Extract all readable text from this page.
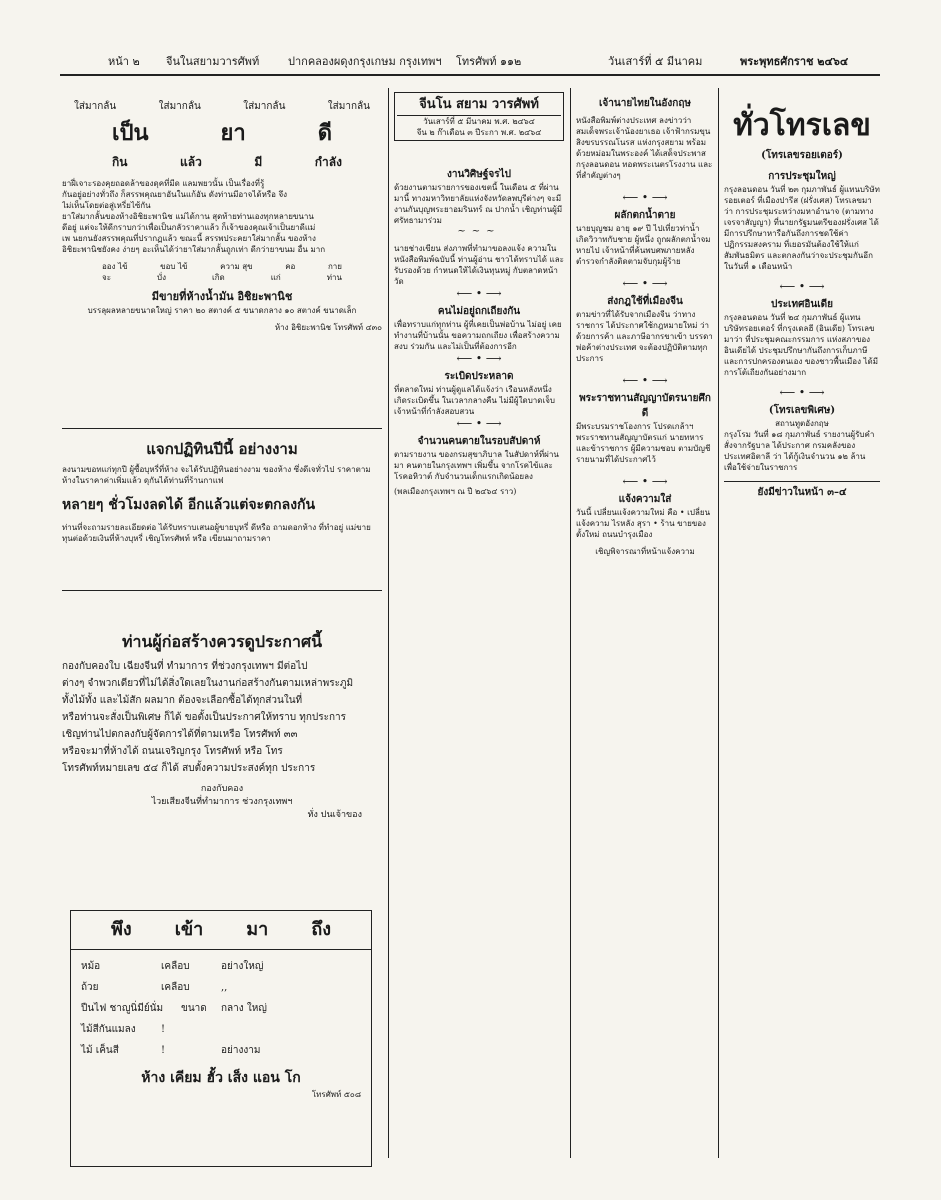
หน้า ๒ จีนในสยามวารศัพท์	ปากคลองผดุงกรุงเกษม กรุงเทพฯ โทรศัพท์ ๑๑๒	วันเสาร์ที่ ๕ มีนาคม	พระพุทธศักราช ๒๔๖๔
ใส่มากลั้น	ใส่มากลั้น	ใส่มากลั้น	ใส่มากลั้น
เป็น	ยา	ดี
กิน	แล้ว	มี	กำลัง
ยาฝี่เจาะรองคุยถอดล้าของดุคที่มีด แลมพยวนั้น เป็นเรื่องที่รู้
กันอยู่อย่างทั่วถึง ก็สรรพคุณยาอันในแก้อัน ดังท่านมีอาจได้หรือ จึง
ไม่เห็นโดยต่อสู่เหรี่ยไซ้กัน
ยาใส่มากลั้นของห้างอิชิยะพานิช แม่ได้กาน สุดท้ายท่านเองทุกหลายขนาน
ดีอยู่ แต่จะให้ดีกราบกว่าเพื่อเป็นกลัวราคาแล้ว ก็เจ้าของคุณเจ้าเป็นยาดีแม่
เพ นยกนยังสรรพคุณที่ปรากฏแล้ว ขณะนี้ สรรพประคยาใส่มากลั้น ของห้าง
อิชิยะพานิชยังคง ง่ายๆ อะเห็นได้ว่ายาใส่มากลั้นถูกเท่า ดีกว่ายาขนม อื่น มาก
ออง ไข้	ขอบ ไข้	ความ สุข	คอ	กาย
จะ	บั่ง	เกิด	แก่	ท่าน
มีขายที่ห้างน้ำมัน อิชิยะพานิช
บรรลุผลหลายขนาดใหญ่ ราคา ๒๐ สตางค์ ๕ ขนาดกลาง ๑๐ สตางค์ ขนาดเล็ก
ห้าง อิชิยะพานิช โทรศัพท์ ๔๓๐
แจกปฏิทินปีนี้ อย่างงาม
ลงนามขอทแก่ทุกปี ผู้ซื้อบุหรี่ที่ห้าง จะได้รับปฏิทินอย่างงาม ของห้าง ซึ่งดีเจทั่วไป ราคาตามห้างในราคาค่าเพิ่มแล้ว ดุกันได้ท่านที่ร้านกาแฟ
หลายๆ ชั่วโมงลดได้ อีกแล้วแต่จะตกลงกัน
ท่านที่จะถามรายละเอียดต่อ ได้รับทราบเสนอผู้ขายบุหรี่ ดีหรือ ถามดอกห้าง ที่ทำอยู่ แม่ขาย ทุนต่อด้วยเงินที่ห้างบุหรี่ เชิญโทรศัพท์ หรือ เขียนมาถามราคา
ท่านผู้ก่อสร้างควรดูประกาศนี้
กองกับคองใบ เฉียงจีนที่ ทำมาการ ที่ช่วงกรุงเทพฯ มีต่อไป
ต่างๆ จำพวกเดียวที่ไม่ได้สิ่งใดเลยในงานก่อสร้างกันตามเหล่าพระภูมิ
ทั้งไม้ทั้ง และไม้สัก ผลมาก ต้องจะเลือกซื้อได้ทุกส่วนในที่
หรือท่านจะสั่งเป็นพิเศษ ก็ได้ ขอตั้งเป็นประกาศให้ทราบ ทุกประการ
เชิญท่านไปตกลงกับผู้จัดการได้ที่ตามเหรือ โทรศัพท์ ๓๓
หรือจะมาที่ห้างได้ ถนนเจริญกรุง โทรศัพท์ หรือ โทร
โทรศัพท์หมายเลข ๕๔ ก็ได้ สบตั้งความประสงค์ทุก ประการ
กองกับคอง
ไวยเสียงจีนที่ทำมาการ ช่วงกรุงเทพฯ
ทั่ง ปนเจ้าของ
พึง เข้า มา ถึง
หม้อ	เคลือบ	อย่างใหญ่
ถ้วย	เคลือบ	,,
ปืนไฟ ชาญูนิ่มีย์นั่ม	ขนาด	กลาง ใหญ่
ไม้สีกันแมลง	!
ไม้ เค็นสี	!	อย่างงาม
ห้าง เคียม ฮั้ว เส็ง แอน โก
โทรศัพท์ ๕๐๘
จีนโน สยาม วารศัพท์
วันเสาร์ที่ ๕ มีนาคม พ.ศ. ๒๔๖๔
จีน ๒ ก๊าเดือน ๓ ปีระกา พ.ศ. ๒๔๖๔
งานวิศิษฐ์จรไป
ด้วยงานตามรายการของเขตนี้ ในเดือน ๕ ที่ผ่านมานี้ ทางมหาวิทยาลัยแห่งจังหวัดลพบุรีต่างๆ จะมีงานกันบุญพระยาอมรินทร์ ณ ปากน้ำ เชิญท่านผู้มีศรัทธามาร่วม
~~~
นายช่างเขียน ส่งภาพที่ทำมาขอลงแจ้ง ความในหนังสือพิมพ์ฉบับนี้ ท่านผู้อ่าน ชาวได้ทราบได้ และ รับรองด้วย กำหนดให้ได้เงินทุนหมู่ กับตลาดหน้าวัด
⟵ • ⟶
คนไม่อยู่ถกเถียงกัน
เพื่อทราบแก่ทุกท่าน ผู้ที่เคยเป็นพ่อบ้าน ไม่อยู่ เคยทำงานที่บ้านนั้น ขอความถกเถียง เพื่อสร้างความสงบ ร่วมกัน และไม่เป็นที่ต้องการอีก
⟵ • ⟶
ระเบิดประหลาด
ที่ตลาดใหม่ ท่านผู้ดูแลได้แจ้งว่า เรือนหลังหนึ่งเกิดระเบิดขึ้น ในเวลากลางคืน ไม่มีผู้ใดบาดเจ็บ เจ้าหน้าที่กำลังสอบสวน
⟵ • ⟶
จำนวนคนตายในรอบสัปดาห์
ตามรายงาน ของกรมสุขาภิบาล ในสัปดาห์ที่ผ่านมา คนตายในกรุงเทพฯ เพิ่มขึ้น จากโรคไข้และโรคอหิวาต์ กับจำนวนเด็กแรกเกิดน้อยลง
(พลเมืองกรุงเทพฯ ณ ปี ๒๔๖๔ ราว)
เจ้านายไทยในอังกฤษ
หนังสือพิมพ์ต่างประเทศ ลงข่าวว่า สมเด็จพระเจ้าน้องยาเธอ เจ้าฟ้ากรมขุนสิงขรบรรณโนรส แห่งกรุงสยาม พร้อมด้วยหม่อมในพระองค์ ได้เสด็จประพาสกรุงลอนดอน ทอดพระเนตรโรงงาน และที่สำคัญต่างๆ
⟵ • ⟶
ผลักตกน้ำตาย
นายบุญชม อายุ ๑๙ ปี ไปเที่ยวท่าน้ำ เกิดวิวาทกับชาย ผู้หนึ่ง ถูกผลักตกน้ำจมหายไป เจ้าหน้าที่ค้นพบศพภายหลัง ตำรวจกำลังติดตามจับกุมผู้ร้าย
⟵ • ⟶
ส่งกฎใช้ที่เมืองจีน
ตามข่าวที่ได้รับจากเมืองจีน ว่าทางราชการ ได้ประกาศใช้กฎหมายใหม่ ว่าด้วยการค้า และภาษีอากรขาเข้า บรรดาพ่อค้าต่างประเทศ จะต้องปฏิบัติตามทุกประการ
⟵ • ⟶
พระราชทานสัญญาบัตรนายศึกดี
มีพระบรมราชโองการ โปรดเกล้าฯ พระราชทานสัญญาบัตรแก่ นายทหารและข้าราชการ ผู้มีความชอบ ตามบัญชีรายนามที่ได้ประกาศไว้
⟵ • ⟶
แจ้งความใส่
วันนี้ เปลี่ยนแจ้งความใหม่ คือ • เปลี่ยนแจ้งความ ไรหลัง สุรา • ร้าน ขายของ ตั้งใหม่ ถนนบำรุงเมือง
เชิญพิจารณาที่หน้าแจ้งความ
ทั่วโทรเลข
(โทรเลขรอยเตอร์)
การประชุมใหญ่
กรุงลอนดอน วันที่ ๒๓ กุมภาพันธ์ ผู้แทนบริษัทรอยเตอร์ ที่เมืองปารีส (ฝรั่งเศส) โทรเลขมาว่า การประชุมระหว่างมหาอำนาจ (ตามทางเจรจาสัญญา) ที่นายกรัฐมนตรีของฝรั่งเศส ได้มีการปรึกษาหารือกันถึงการชดใช้ค่าปฏิกรรมสงคราม ที่เยอรมันต้องใช้ให้แก่สัมพันธมิตร และตกลงกันว่าจะประชุมกันอีกในวันที่ ๑ เดือนหน้า
⟵ • ⟶
ประเทศอินเดีย
กรุงลอนดอน วันที่ ๒๔ กุมภาพันธ์ ผู้แทนบริษัทรอยเตอร์ ที่กรุงเดลฮี (อินเดีย) โทรเลขมาว่า ที่ประชุมคณะกรรมการ แห่งสภาของอินเดียได้ ประชุมปรึกษากันถึงการเก็บภาษี และการปกครองตนเอง ของชาวพื้นเมือง ได้มีการโต้เถียงกันอย่างมาก
⟵ • ⟶
(โทรเลขพิเศษ)
สถานทูตอังกฤษ
กรุงโรม วันที่ ๑๘ กุมภาพันธ์ รายงานผู้รับคำสั่งจากรัฐบาล ได้ประกาศ กรมคลังของประเทศอิตาลี ว่า ได้กู้เงินจำนวน ๑๒ ล้าน เพื่อใช้จ่ายในราชการ
ยังมีข่าวในหน้า ๓–๔
